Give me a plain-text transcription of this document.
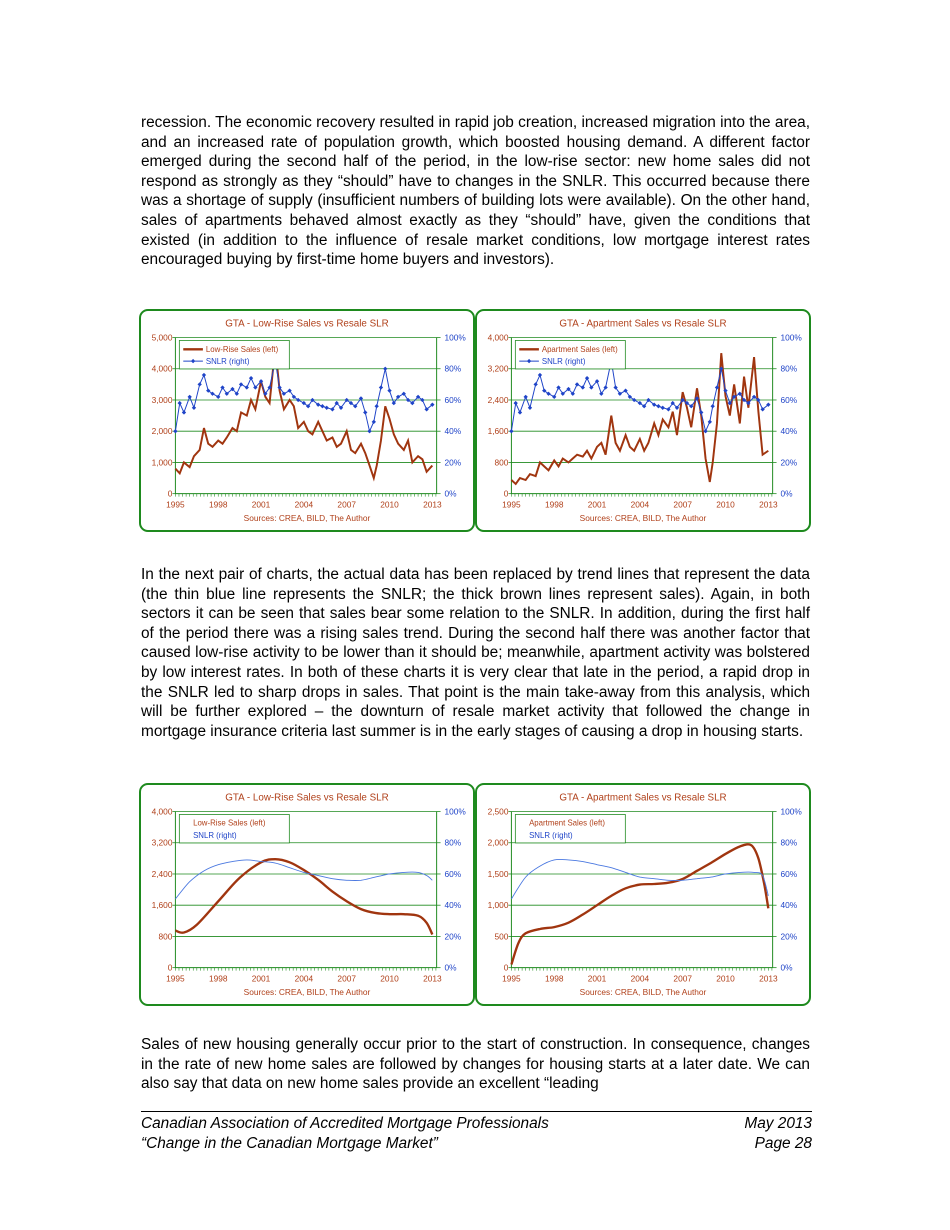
recession. The economic recovery resulted in rapid job creation, increased migration into the area, and an increased rate of population growth, which boosted housing demand. A different factor emerged during the second half of the period, in the low-rise sector: new home sales did not respond as strongly as they “should” have to changes in the SNLR. This occurred because there was a shortage of supply (insufficient numbers of building lots were available). On the other hand, sales of apartments behaved almost exactly as they “should” have, given the conditions that existed (in addition to the influence of resale market conditions, low mortgage interest rates encouraged buying by first-time home buyers and investors).

GTA - Low-Rise Sales vs Resale SLR
0	0%
1,000	20%
2,000	40%
3,000	60%
4,000	80%
5,000	100%
1995	1998	2001	2004	2007	2010	2013
Sources: CREA, BILD, The Author
Low-Rise Sales (left)
SNLR (right)
GTA - Apartment Sales vs Resale SLR
0	0%
800	20%
1,600	40%
2,400	60%
3,200	80%
4,000	100%
1995	1998	2001	2004	2007	2010	2013
Sources: CREA, BILD, The Author
Apartment Sales (left)
SNLR (right)

In the next pair of charts, the actual data has been replaced by trend lines that represent the data (the thin blue line represents the SNLR; the thick brown lines represent sales). Again, in both sectors it can be seen that sales bear some relation to the SNLR. In addition, during the first half of the period there was a rising sales trend. During the second half there was another factor that caused low-rise activity to be lower than it should be; meanwhile, apartment activity was bolstered by low interest rates. In both of these charts it is very clear that late in the period, a rapid drop in the SNLR led to sharp drops in sales. That point is the main take-away from this analysis, which will be further explored – the downturn of resale market activity that followed the change in mortgage insurance criteria last summer is in the early stages of causing a drop in housing starts.

GTA - Low-Rise Sales vs Resale SLR
0	0%
800	20%
1,600	40%
2,400	60%
3,200	80%
4,000	100%
1995	1998	2001	2004	2007	2010	2013
Sources: CREA, BILD, The Author
Low-Rise Sales (left)
SNLR (right)
GTA - Apartment Sales vs Resale SLR
0	0%
500	20%
1,000	40%
1,500	60%
2,000	80%
2,500	100%
1995	1998	2001	2004	2007	2010	2013
Sources: CREA, BILD, The Author
Apartment Sales (left)
SNLR (right)

Sales of new housing generally occur prior to the start of construction. In consequence, changes in the rate of new home sales are followed by changes for housing starts at a later date. We can also say that data on new home sales provide an excellent “leading

Canadian Association of Accredited Mortgage Professionals	May 2013
“Change in the Canadian Mortgage Market”	Page 28
